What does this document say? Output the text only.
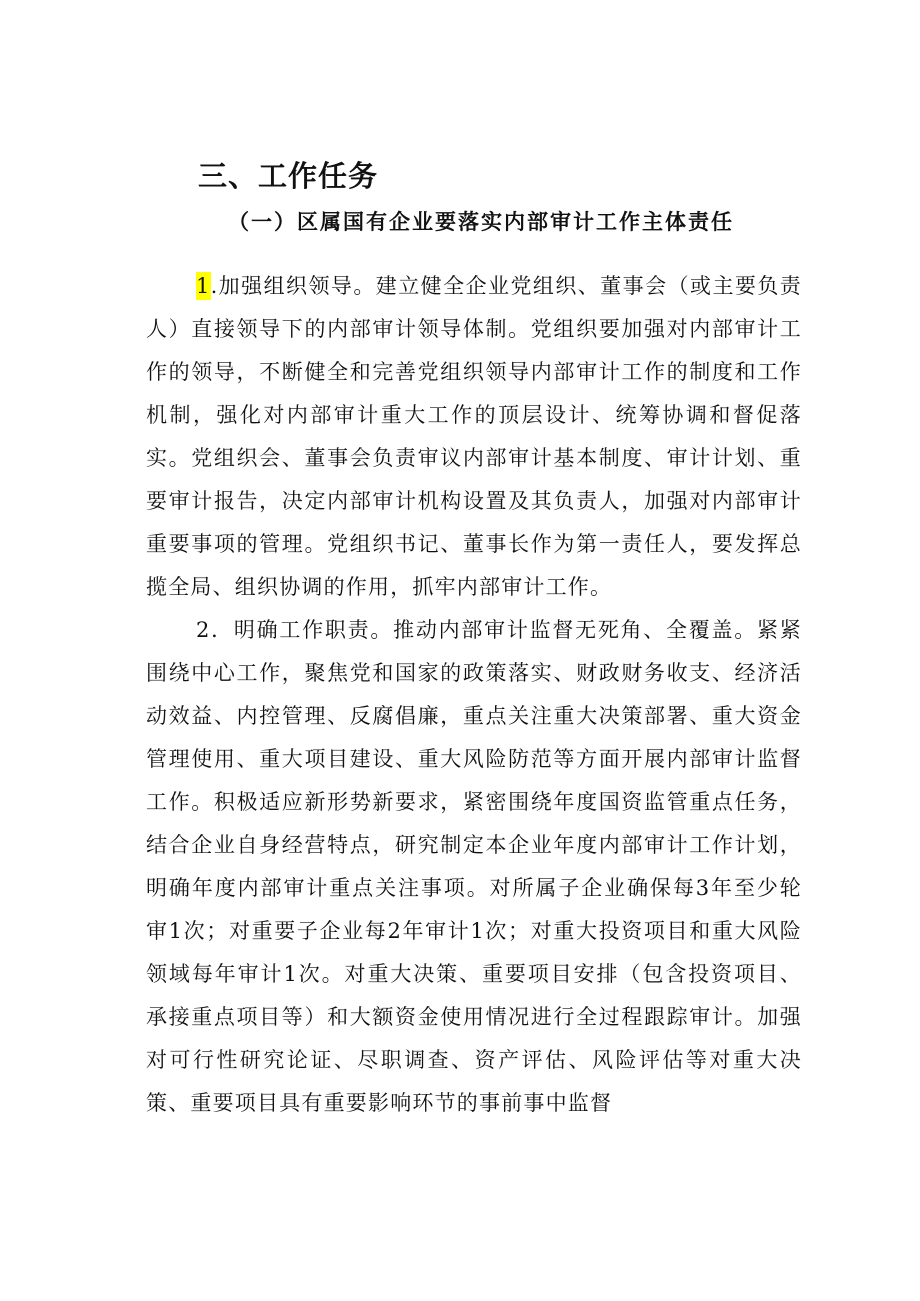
三、工作任务
（一）区属国有企业要落实内部审计工作主体责任

1.加强组织领导。建立健全企业党组织、董事会（或主要负责人）直接领导下的内部审计领导体制。党组织要加强对内部审计工作的领导，不断健全和完善党组织领导内部审计工作的制度和工作机制，强化对内部审计重大工作的顶层设计、统筹协调和督促落实。党组织会、董事会负责审议内部审计基本制度、审计计划、重要审计报告，决定内部审计机构设置及其负责人，加强对内部审计重要事项的管理。党组织书记、董事长作为第一责任人，要发挥总揽全局、组织协调的作用，抓牢内部审计工作。

2．明确工作职责。推动内部审计监督无死角、全覆盖。紧紧围绕中心工作，聚焦党和国家的政策落实、财政财务收支、经济活动效益、内控管理、反腐倡廉，重点关注重大决策部署、重大资金管理使用、重大项目建设、重大风险防范等方面开展内部审计监督工作。积极适应新形势新要求，紧密围绕年度国资监管重点任务，结合企业自身经营特点，研究制定本企业年度内部审计工作计划，明确年度内部审计重点关注事项。对所属子企业确保每3年至少轮审1次；对重要子企业每2年审计1次；对重大投资项目和重大风险领域每年审计1次。对重大决策、重要项目安排（包含投资项目、承接重点项目等）和大额资金使用情况进行全过程跟踪审计。加强对可行性研究论证、尽职调查、资产评估、风险评估等对重大决策、重要项目具有重要影响环节的事前事中监督
